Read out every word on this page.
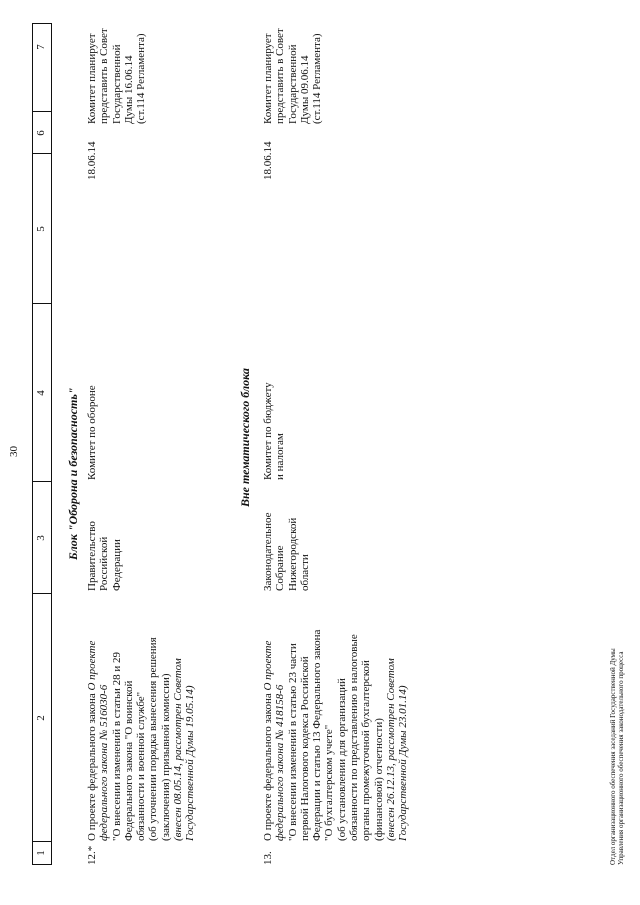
30
1
2
3
4
5
6
7
Блок "Оборона и безопасность"
12.*
О проекте федерального закона О проекте федерального закона № 516030-6 "О внесении изменений в статьи 28 и 29 Федерального закона "О воинской обязанности и военной службе" (об уточнении порядка вынесения решения (заключения) призывной комиссии) (внесен 08.05.14, рассмотрен Советом Государственной Думы 19.05.14)
Правительство Российской Федерации
Комитет по обороне
18.06.14
Комитет планирует представить в Совет Государственной Думы 16.06.14 (ст.114 Регламента)
Вне тематического блока
13.
О проекте федерального закона О проекте федерального закона № 418158-6 "О внесении изменений в статью 23 части первой Налогового кодекса Российской Федерации и статью 13 Федерального закона "О бухгалтерском учете" (об установлении для организаций обязанности по представлению в налоговые органы промежуточной бухгалтерской (финансовой) отчетности) (внесен 26.12.13, рассмотрен Советом Государственной Думы 23.01.14)
Законодательное Собрание Нижегородской области
Комитет по бюджету и налогам
18.06.14
Комитет планирует представить в Совет Государственной Думы 09.06.14 (ст.114 Регламента)
Отдел организационного обеспечения заседаний Государственной Думы Управления организационного обеспечения законодательного процесса
